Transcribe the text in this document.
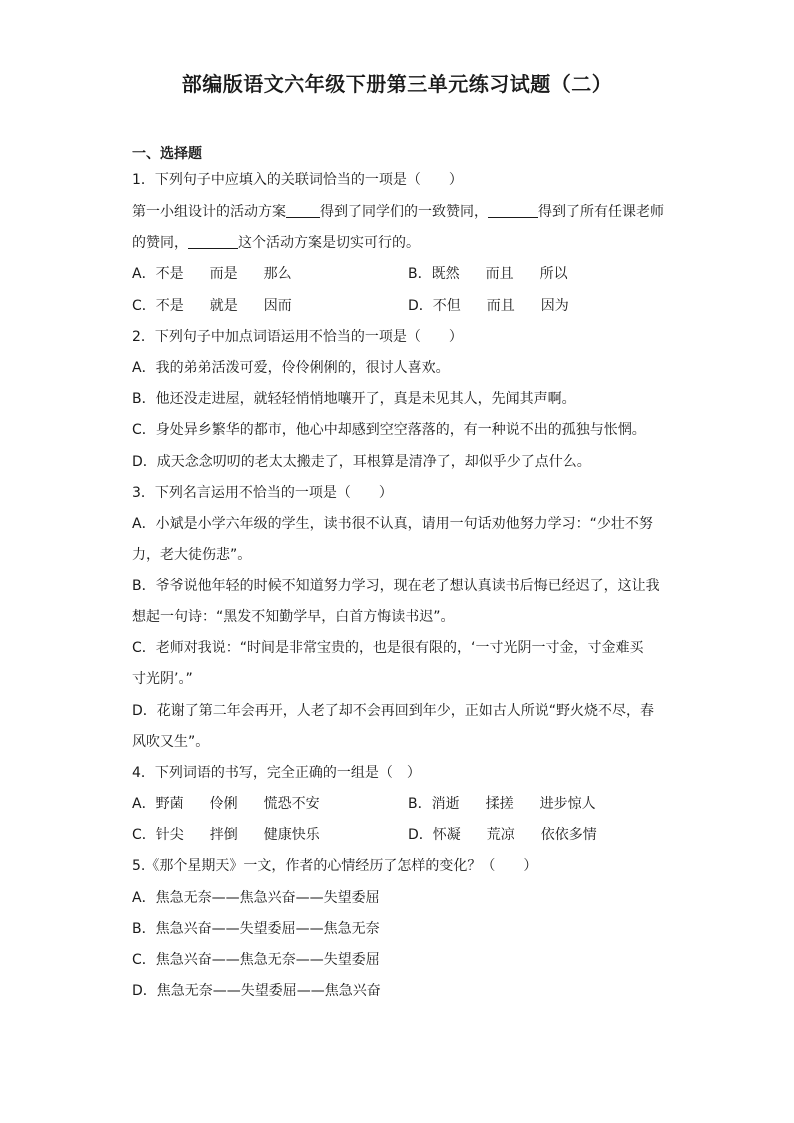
部编版语文六年级下册第三单元练习试题（二）
一、选择题
1．下列句子中应填入的关联词恰当的一项是（　　）
第一小组设计的活动方案 得到了同学们的一致赞同，	得到了所有任课老师
的赞同，	这个活动方案是切实可行的。
A．不是 而是 那么	B．既然 而且 所以
C．不是 就是 因而	D．不但 而且 因为
2．下列句子中加点词语运用不恰当的一项是（　　）
A．我的弟弟活泼可爱，伶伶俐俐的，很讨人喜欢。
B．他还没走进屋，就轻轻悄悄地嚷开了，真是未见其人，先闻其声啊。
C．身处异乡繁华的都市，他心中却感到空空落落的，有一种说不出的孤独与怅惘。
D．成天念念叨叨的老太太搬走了，耳根算是清净了，却似乎少了点什么。
3．下列名言运用不恰当的一项是（　　）
A．小斌是小学六年级的学生，读书很不认真，请用一句话劝他努力学习：“少壮不努
力，老大徒伤悲”。
B．爷爷说他年轻的时候不知道努力学习，现在老了想认真读书后悔已经迟了，这让我
想起一句诗：“黑发不知勤学早，白首方悔读书迟”。
C．老师对我说：“时间是非常宝贵的，也是很有限的，‘一寸光阴一寸金，寸金难买
寸光阴’。”
D．花谢了第二年会再开，人老了却不会再回到年少，正如古人所说“野火烧不尽，春
风吹又生”。
4．下列词语的书写，完全正确的一组是（　）
A．野菌 伶俐 慌恐不安	B．消逝 揉搓 进步惊人
C．针尖 拌倒 健康快乐	D．怀凝 荒凉 依依多情
5.《那个星期天》一文，作者的心情经历了怎样的变化？（　　）
A．焦急无奈——焦急兴奋——失望委屈
B．焦急兴奋——失望委屈——焦急无奈
C．焦急兴奋——焦急无奈——失望委屈
D．焦急无奈——失望委屈——焦急兴奋
